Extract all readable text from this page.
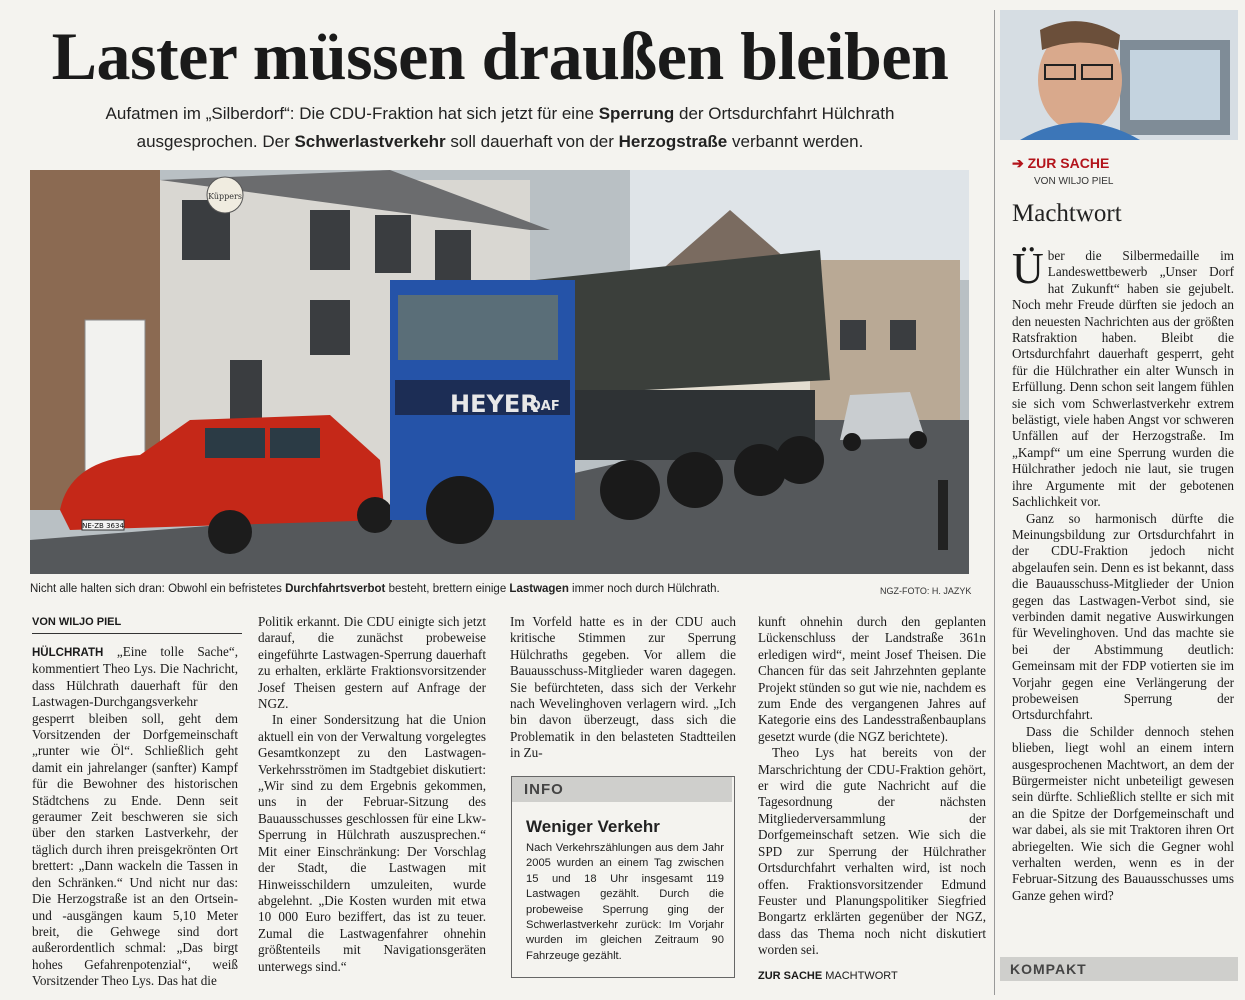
Laster müssen draußen bleiben
Aufatmen im „Silberdorf“: Die CDU-Fraktion hat sich jetzt für eine Sperrung der Ortsdurchfahrt Hülchrath ausgesprochen. Der Schwerlastverkehr soll dauerhaft von der Herzogstraße verbannt werden.
Küppers
NE-ZB 3634
HEYER
DAF
Nicht alle halten sich dran: Obwohl ein befristetes Durchfahrtsverbot besteht, brettern einige Lastwagen immer noch durch Hülchrath.	NGZ-FOTO: H. JAZYK
VON WILJO PIEL

HÜLCHRATH „Eine tolle Sache“, kommentiert Theo Lys. Die Nachricht, dass Hülchrath dauerhaft für den Lastwagen-Durchgangsverkehr gesperrt bleiben soll, geht dem Vorsitzenden der Dorfgemeinschaft „runter wie Öl“. Schließlich geht damit ein jahrelanger (sanfter) Kampf für die Bewohner des historischen Städtchens zu Ende. Denn seit geraumer Zeit beschweren sie sich über den starken Lastverkehr, der täglich durch ihren preisgekrönten Ort brettert: „Dann wackeln die Tassen in den Schränken.“ Und nicht nur das: Die Herzogstraße ist an den Ortsein- und -ausgängen kaum 5,10 Meter breit, die Gehwege sind dort außerordentlich schmal: „Das birgt hohes Gefahrenpotenzial“, weiß Vorsitzender Theo Lys. Das hat die

Politik erkannt. Die CDU einigte sich jetzt darauf, die zunächst probeweise eingeführte Lastwagen-Sperrung dauerhaft zu erhalten, erklärte Fraktionsvorsitzender Josef Theisen gestern auf Anfrage der NGZ.

In einer Sondersitzung hat die Union aktuell ein von der Verwaltung vorgelegtes Gesamtkonzept zu den Lastwagen-Verkehrsströmen im Stadtgebiet diskutiert: „Wir sind zu dem Ergebnis gekommen, uns in der Februar-Sitzung des Bauausschusses geschlossen für eine Lkw-Sperrung in Hülchrath auszusprechen.“ Mit einer Einschränkung: Der Vorschlag der Stadt, die Lastwagen mit Hinweisschildern umzuleiten, wurde abgelehnt. „Die Kosten wurden mit etwa 10 000 Euro beziffert, das ist zu teuer. Zumal die Lastwagenfahrer ohnehin größtenteils mit Navigationsgeräten unterwegs sind.“

Im Vorfeld hatte es in der CDU auch kritische Stimmen zur Sperrung Hülchraths gegeben. Vor allem die Bauausschuss-Mitglieder waren dagegen. Sie befürchteten, dass sich der Verkehr nach Wevelinghoven verlagern wird. „Ich bin davon überzeugt, dass sich die Problematik in den belasteten Stadtteilen in Zu-

INFO
Weniger Verkehr
Nach Verkehrszählungen aus dem Jahr 2005 wurden an einem Tag zwischen 15 und 18 Uhr insgesamt 119 Lastwagen gezählt. Durch die probeweise Sperrung ging der Schwerlastverkehr zurück: Im Vorjahr wurden im gleichen Zeitraum 90 Fahrzeuge gezählt.

kunft ohnehin durch den geplanten Lückenschluss der Landstraße 361n erledigen wird“, meint Josef Theisen. Die Chancen für das seit Jahrzehnten geplante Projekt stünden so gut wie nie, nachdem es zum Ende des vergangenen Jahres auf Kategorie eins des Landesstraßenbauplans gesetzt wurde (die NGZ berichtete).

Theo Lys hat bereits von der Marschrichtung der CDU-Fraktion gehört, er wird die gute Nachricht auf die Tagesordnung der nächsten Mitgliederversammlung der Dorfgemeinschaft setzen. Wie sich die SPD zur Sperrung der Hülchrather Ortsdurchfahrt verhalten wird, ist noch offen. Fraktionsvorsitzender Edmund Feuster und Planungspolitiker Siegfried Bongartz erklärten gegenüber der NGZ, dass das Thema noch nicht diskutiert worden sei.

ZUR SACHE MACHTWORT
➔ ZUR SACHE
VON WILJO PIEL
Machtwort

Über die Silbermedaille im Landeswettbewerb „Unser Dorf hat Zukunft“ haben sie gejubelt. Noch mehr Freude dürften sie jedoch an den neuesten Nachrichten aus der größten Ratsfraktion haben. Bleibt die Ortsdurchfahrt dauerhaft gesperrt, geht für die Hülchrather ein alter Wunsch in Erfüllung. Denn schon seit langem fühlen sie sich vom Schwerlastverkehr extrem belästigt, viele haben Angst vor schweren Unfällen auf der Herzogstraße. Im „Kampf“ um eine Sperrung wurden die Hülchrather jedoch nie laut, sie trugen ihre Argumente mit der gebotenen Sachlichkeit vor.

Ganz so harmonisch dürfte die Meinungsbildung zur Ortsdurchfahrt in der CDU-Fraktion jedoch nicht abgelaufen sein. Denn es ist bekannt, dass die Bauausschuss-Mitglieder der Union gegen das Lastwagen-Verbot sind, sie verbinden damit negative Auswirkungen für Wevelinghoven. Und das machte sie bei der Abstimmung deutlich: Gemeinsam mit der FDP votierten sie im Vorjahr gegen eine Verlängerung der probeweisen Sperrung der Ortsdurchfahrt.

Dass die Schilder dennoch stehen blieben, liegt wohl an einem intern ausgesprochenen Machtwort, an dem der Bürgermeister nicht unbeteiligt gewesen sein dürfte. Schließlich stellte er sich mit an die Spitze der Dorfgemeinschaft und war dabei, als sie mit Traktoren ihren Ort abriegelten. Wie sich die Gegner wohl verhalten werden, wenn es in der Februar-Sitzung des Bauausschusses ums Ganze gehen wird?

KOMPAKT
